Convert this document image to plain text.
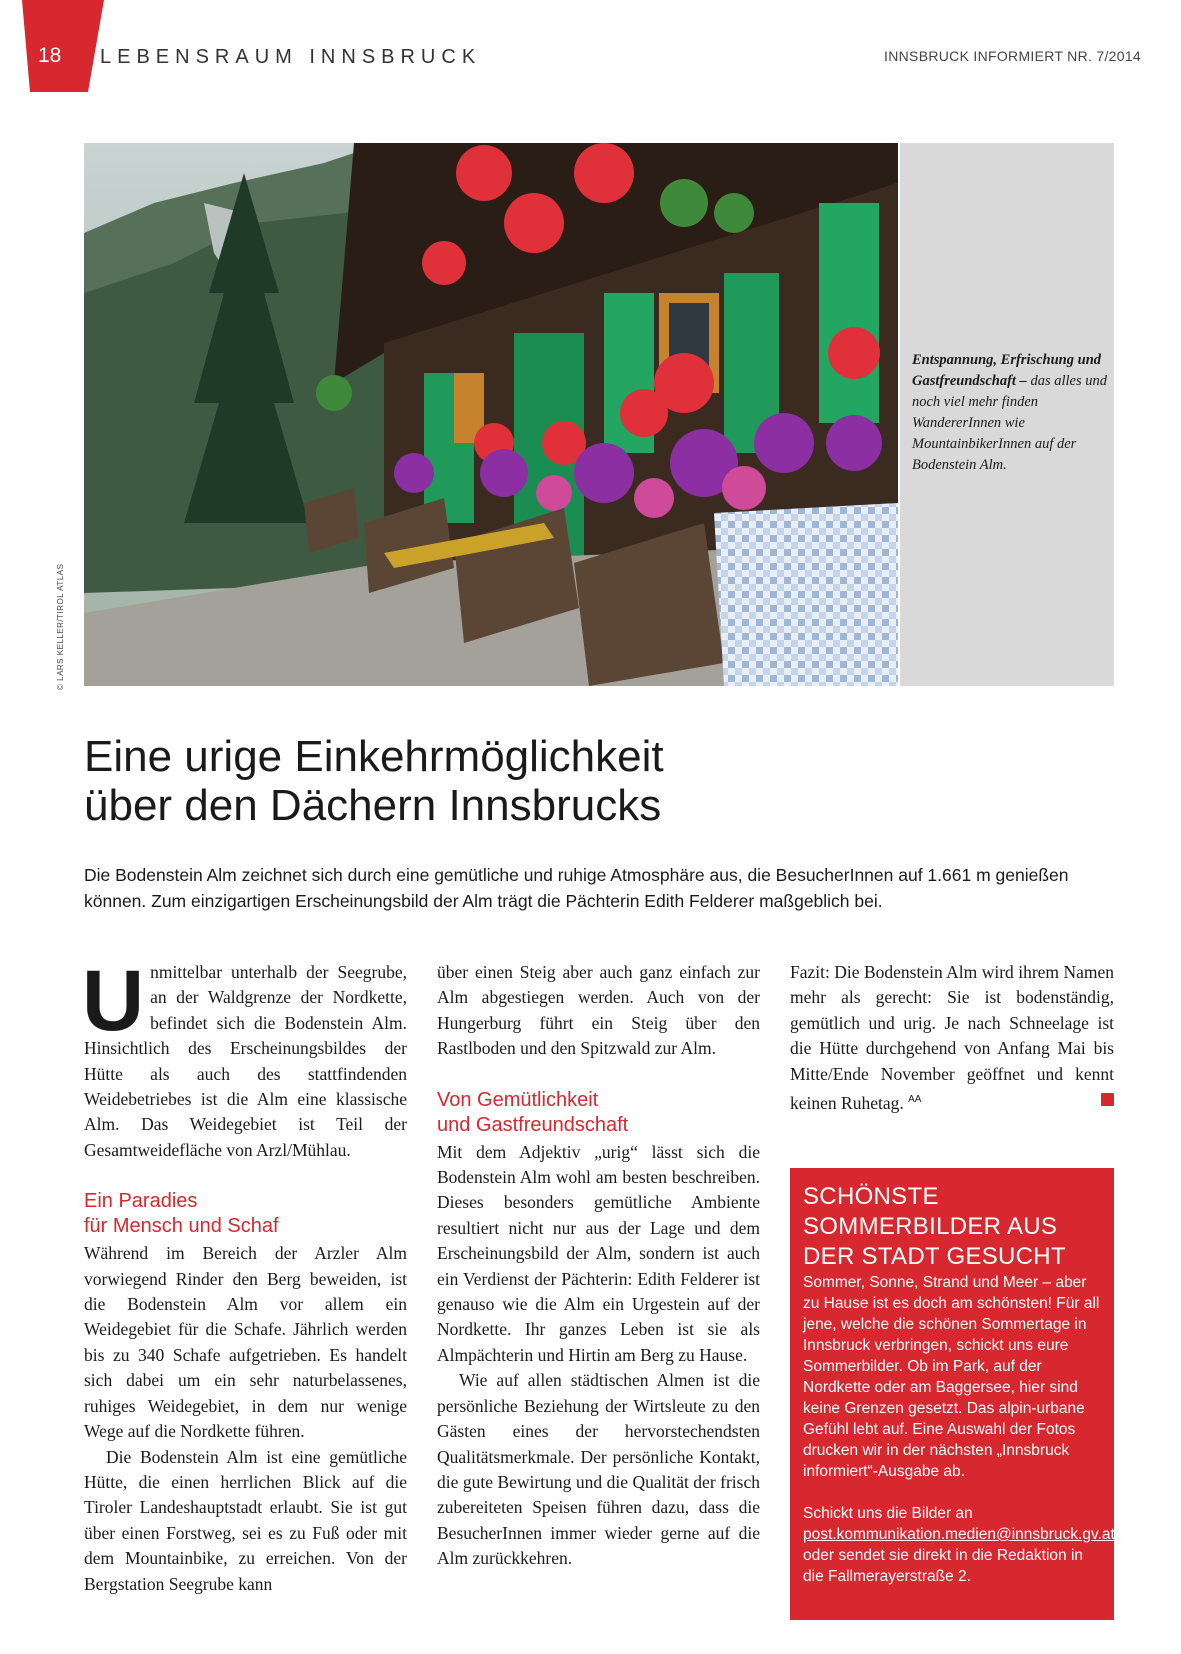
18 LEBENSRAUM INNSBRUCK	INNSBRUCK INFORMIERT NR. 7/2014
© LARS KELLER/TIROL ATLAS
Entspannung, Erfrischung und Gastfreundschaft – das alles und noch viel mehr finden WandererInnen wie MountainbikerInnen auf der Bodenstein Alm.
Eine urige Einkehrmöglichkeit
über den Dächern Innsbrucks

Die Bodenstein Alm zeichnet sich durch eine gemütliche und ruhige Atmosphäre aus, die BesucherInnen auf 1.661 m genießen können. Zum einzigartigen Erscheinungsbild der Alm trägt die Pächterin Edith Felderer maßgeblich bei.

Unmittelbar unterhalb der Seegrube, an der Waldgrenze der Nordkette, befindet sich die Bodenstein Alm. Hinsichtlich des Erscheinungsbildes der Hütte als auch des stattfindenden Weidebetriebes ist die Alm eine klassische Alm. Das Weidegebiet ist Teil der Gesamtweidefläche von Arzl/Mühlau.

Ein Paradies
für Mensch und Schaf

Während im Bereich der Arzler Alm vorwiegend Rinder den Berg beweiden, ist die Bodenstein Alm vor allem ein Weidegebiet für die Schafe. Jährlich werden bis zu 340 Schafe aufgetrieben. Es handelt sich dabei um ein sehr naturbelassenes, ruhiges Weidegebiet, in dem nur wenige Wege auf die Nordkette führen.

Die Bodenstein Alm ist eine gemütliche Hütte, die einen herrlichen Blick auf die Tiroler Landeshauptstadt erlaubt. Sie ist gut über einen Forstweg, sei es zu Fuß oder mit dem Mountainbike, zu erreichen. Von der Bergstation Seegrube kann

über einen Steig aber auch ganz einfach zur Alm abgestiegen werden. Auch von der Hungerburg führt ein Steig über den Rastlboden und den Spitzwald zur Alm.

Von Gemütlichkeit
und Gastfreundschaft

Mit dem Adjektiv „urig“ lässt sich die Bodenstein Alm wohl am besten beschreiben. Dieses besonders gemütliche Ambiente resultiert nicht nur aus der Lage und dem Erscheinungsbild der Alm, sondern ist auch ein Verdienst der Pächterin: Edith Felderer ist genauso wie die Alm ein Urgestein auf der Nordkette. Ihr ganzes Leben ist sie als Almpächterin und Hirtin am Berg zu Hause.

Wie auf allen städtischen Almen ist die persönliche Beziehung der Wirtsleute zu den Gästen eines der hervorstechendsten Qualitätsmerkmale. Der persönliche Kontakt, die gute Bewirtung und die Qualität der frisch zubereiteten Speisen führen dazu, dass die BesucherInnen immer wieder gerne auf die Alm zurückkehren.

Fazit: Die Bodenstein Alm wird ihrem Namen mehr als gerecht: Sie ist bodenständig, gemütlich und urig. Je nach Schneelage ist die Hütte durchgehend von Anfang Mai bis Mitte/Ende November geöffnet und kennt keinen Ruhetag. $^{AA}$

SCHÖNSTE
SOMMERBILDER AUS
DER STADT GESUCHT

Sommer, Sonne, Strand und Meer – aber zu Hause ist es doch am schönsten! Für all jene, welche die schönen Sommertage in Innsbruck verbringen, schickt uns eure Sommerbilder. Ob im Park, auf der Nordkette oder am Baggersee, hier sind keine Grenzen gesetzt. Das alpin-urbane Gefühl lebt auf. Eine Auswahl der Fotos drucken wir in der nächsten „Innsbruck informiert“-Ausgabe ab.

Schickt uns die Bilder an post.kommunikation.medien@innsbruck.gv.at oder sendet sie direkt in die Redaktion in die Fallmerayerstraße 2.
